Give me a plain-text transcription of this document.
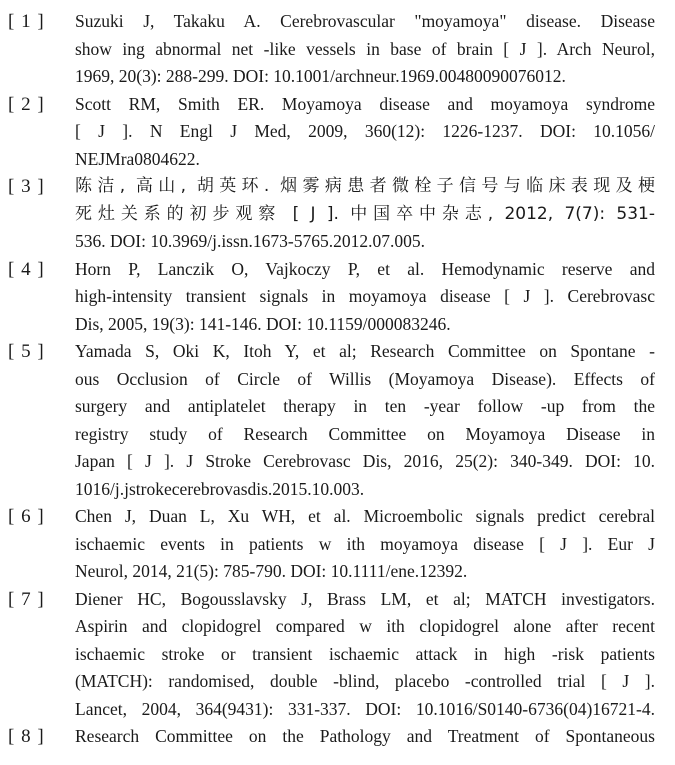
[ 1 ]	Suzuki J, Takaku A. Cerebrovascular "moyamoya" disease. Disease
show ing abnormal net -like vessels in base of brain [ J ]. Arch Neurol,
1969, 20(3): 288-299. DOI: 10.1001/archneur.1969.00480090076012.
[ 2 ]	Scott RM, Smith ER. Moyamoya disease and moyamoya syndrome
[ J ]. N Engl J Med, 2009, 360(12): 1226-1237. DOI: 10.1056/
NEJMra0804622.
[ 3 ]	陈洁, 高山, 胡英环. 烟雾病患者微栓子信号与临床表现及梗
死灶关系的初步观察 [ J ]. 中国卒中杂志, 2012, 7(7): 531-
536. DOI: 10.3969/j.issn.1673-5765.2012.07.005.
[ 4 ]	Horn P, Lanczik O, Vajkoczy P, et al. Hemodynamic reserve and
high-intensity transient signals in moyamoya disease [ J ]. Cerebrovasc
Dis, 2005, 19(3): 141-146. DOI: 10.1159/000083246.
[ 5 ]	Yamada S, Oki K, Itoh Y, et al; Research Committee on Spontane -
ous Occlusion of Circle of Willis (Moyamoya Disease). Effects of
surgery and antiplatelet therapy in ten -year follow -up from the
registry study of Research Committee on Moyamoya Disease in
Japan [ J ]. J Stroke Cerebrovasc Dis, 2016, 25(2): 340-349. DOI: 10.
1016/j.jstrokecerebrovasdis.2015.10.003.
[ 6 ]	Chen J, Duan L, Xu WH, et al. Microembolic signals predict cerebral
ischaemic events in patients w ith moyamoya disease [ J ]. Eur J
Neurol, 2014, 21(5): 785-790. DOI: 10.1111/ene.12392.
[ 7 ]	Diener HC, Bogousslavsky J, Brass LM, et al; MATCH investigators.
Aspirin and clopidogrel compared w ith clopidogrel alone after recent
ischaemic stroke or transient ischaemic attack in high -risk patients
(MATCH): randomised, double -blind, placebo -controlled trial [ J ].
Lancet, 2004, 364(9431): 331-337. DOI: 10.1016/S0140-6736(04)16721-4.
[ 8 ]	Research Committee on the Pathology and Treatment of Spontaneous
